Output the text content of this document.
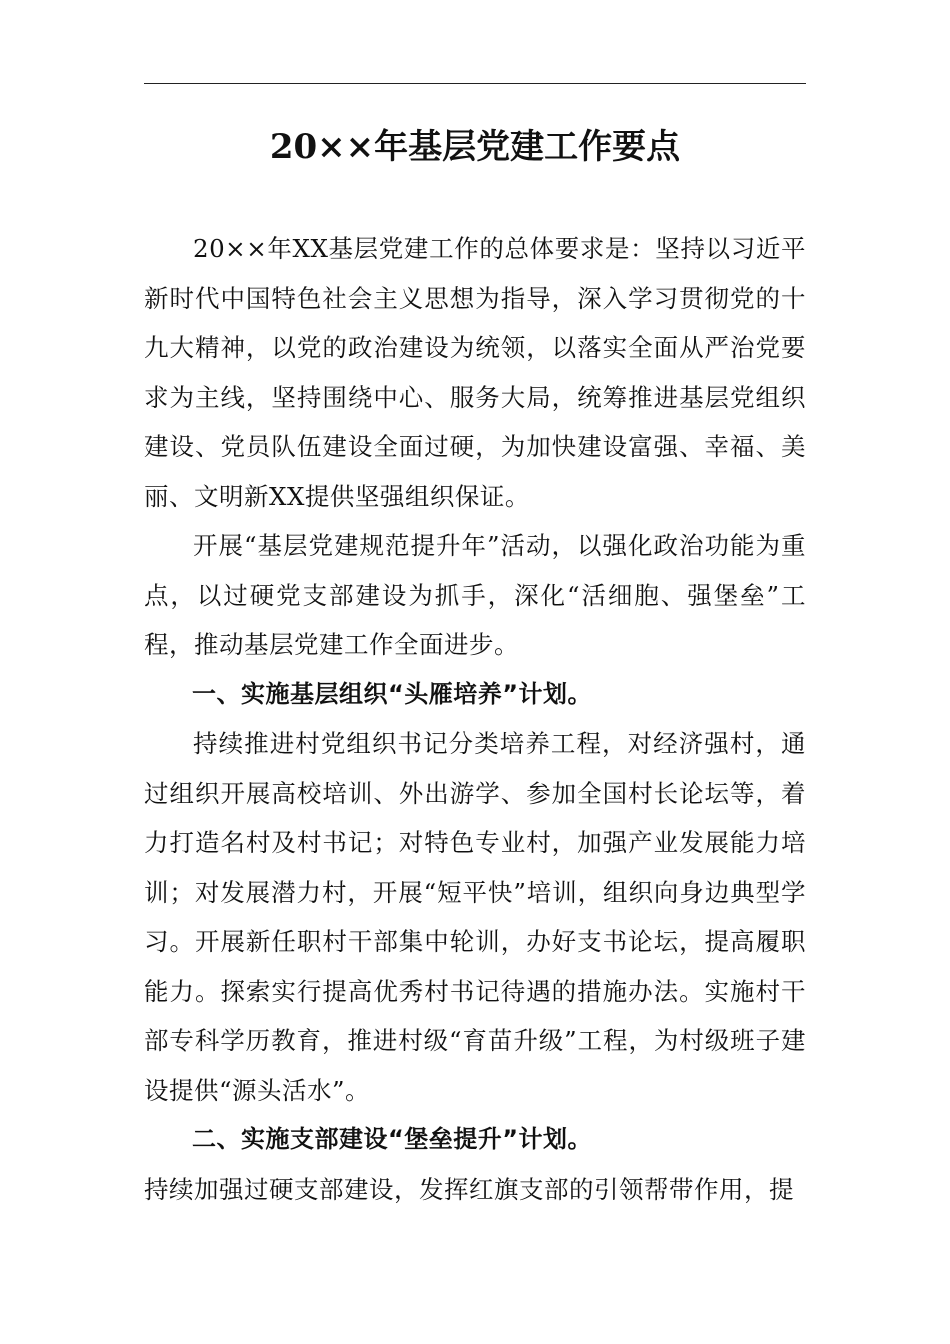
20××年基层党建工作要点

20××年XX基层党建工作的总体要求是：坚持以习近平新时代中国特色社会主义思想为指导，深入学习贯彻党的十九大精神，以党的政治建设为统领，以落实全面从严治党要求为主线，坚持围绕中心、服务大局，统筹推进基层党组织建设、党员队伍建设全面过硬，为加快建设富强、幸福、美丽、文明新XX提供坚强组织保证。

开展“基层党建规范提升年”活动，以强化政治功能为重点，以过硬党支部建设为抓手，深化“活细胞、强堡垒”工程，推动基层党建工作全面进步。

一、实施基层组织“头雁培养”计划。

持续推进村党组织书记分类培养工程，对经济强村，通过组织开展高校培训、外出游学、参加全国村长论坛等，着力打造名村及村书记；对特色专业村，加强产业发展能力培训；对发展潜力村，开展“短平快”培训，组织向身边典型学习。开展新任职村干部集中轮训，办好支书论坛，提高履职能力。探索实行提高优秀村书记待遇的措施办法。实施村干部专科学历教育，推进村级“育苗升级”工程，为村级班子建设提供“源头活水”。

二、实施支部建设“堡垒提升”计划。

持续加强过硬支部建设，发挥红旗支部的引领帮带作用，提
